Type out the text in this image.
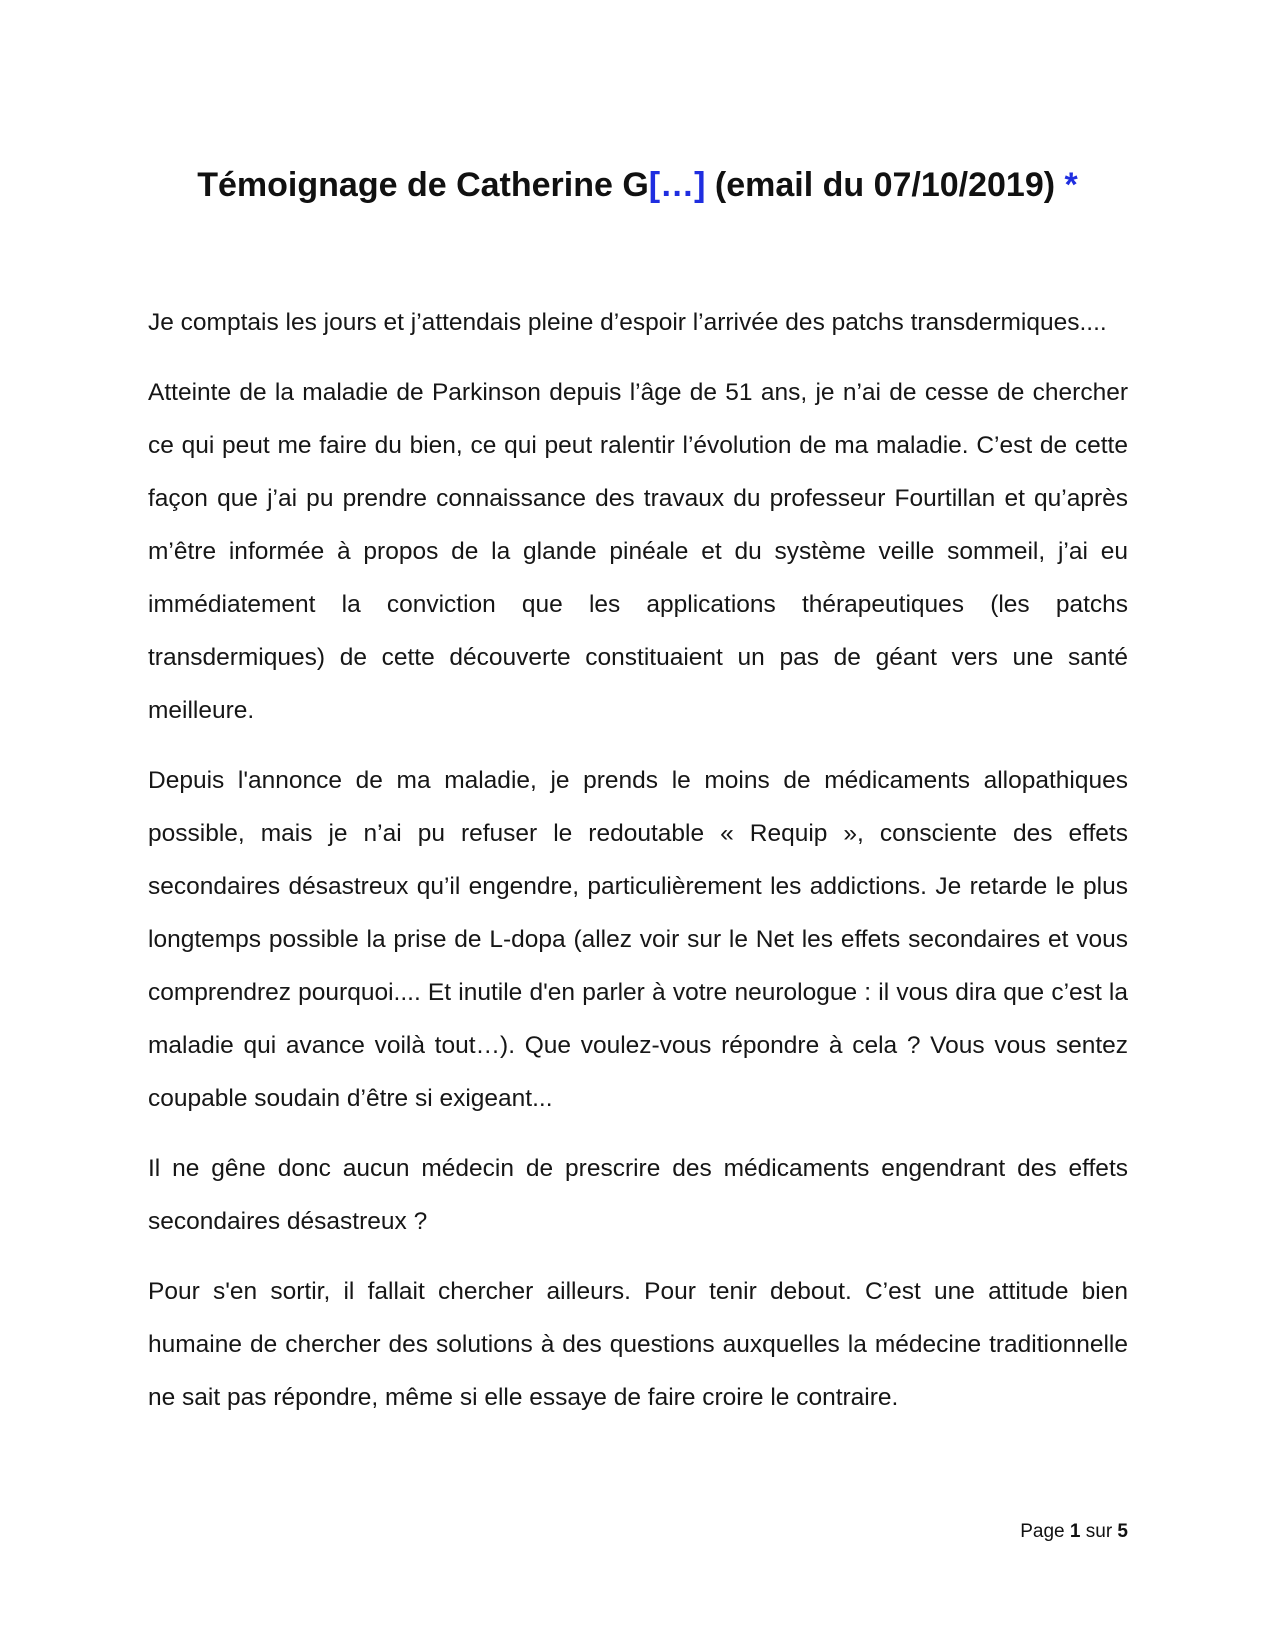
Témoignage de Catherine G[…] (email du 07/10/2019) *

Je comptais les jours et j’attendais pleine d’espoir l’arrivée des patchs transdermiques....

Atteinte de la maladie de Parkinson depuis l’âge de 51 ans, je n’ai de cesse de chercher ce qui peut me faire du bien, ce qui peut ralentir l’évolution de ma maladie. C’est de cette façon que j’ai pu prendre connaissance des travaux du professeur Fourtillan et qu’après m’être informée à propos de la glande pinéale et du système veille sommeil, j’ai eu immédiatement la conviction que les applications thérapeutiques (les patchs transdermiques) de cette découverte constituaient un pas de géant vers une santé meilleure.

Depuis l'annonce de ma maladie, je prends le moins de médicaments allopathiques possible, mais je n’ai pu refuser le redoutable « Requip », consciente des effets secondaires désastreux qu’il engendre, particulièrement les addictions. Je retarde le plus longtemps possible la prise de L-dopa (allez voir sur le Net les effets secondaires et vous comprendrez pourquoi.... Et inutile d'en parler à votre neurologue : il vous dira que c’est la maladie qui avance voilà tout…). Que voulez-vous répondre à cela ? Vous vous sentez coupable soudain d’être si exigeant...

Il ne gêne donc aucun médecin de prescrire des médicaments engendrant des effets secondaires désastreux ?

Pour s'en sortir, il fallait chercher ailleurs. Pour tenir debout. C’est une attitude bien humaine de chercher des solutions à des questions auxquelles la médecine traditionnelle ne sait pas répondre, même si elle essaye de faire croire le contraire.

Page 1 sur 5
